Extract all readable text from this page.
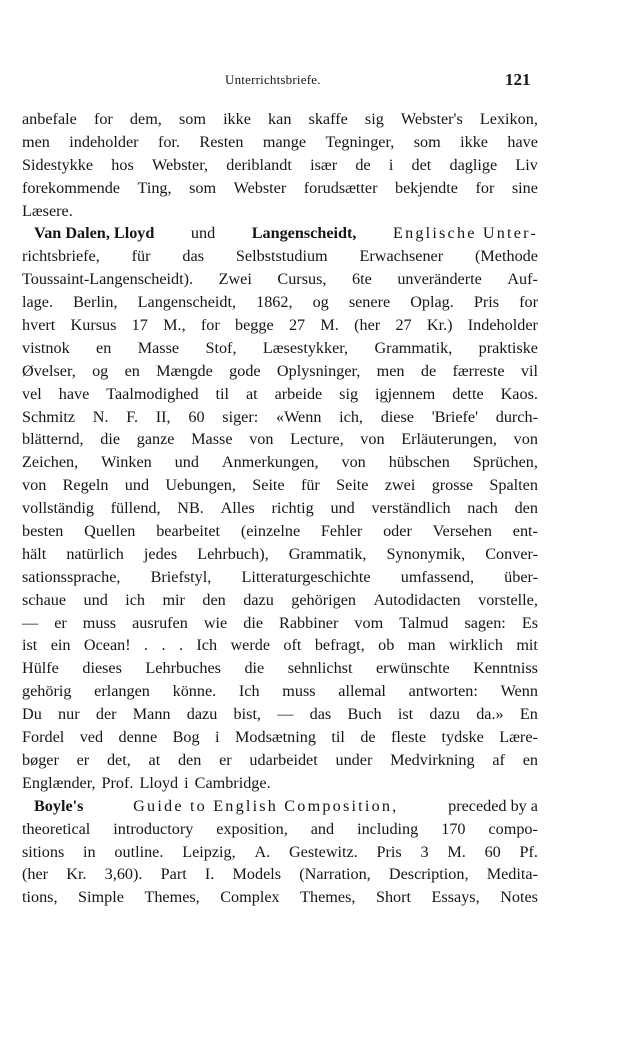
Unterrichtsbriefe.	121
anbefale for dem, som ikke kan skaffe sig Webster's Lexikon,
men indeholder for. Resten mange Tegninger, som ikke have
Sidestykke hos Webster, deriblandt især de i det daglige Liv
forekommende Ting, som Webster forudsætter bekjendte for sine
Læsere.
Van Dalen, Lloyd und Langenscheidt, Englische Unter-
richtsbriefe, für das Selbststudium Erwachsener (Methode
Toussaint-Langenscheidt). Zwei Cursus, 6te unveränderte Auf-
lage. Berlin, Langenscheidt, 1862, og senere Oplag. Pris for
hvert Kursus 17 M., for begge 27 M. (her 27 Kr.) Indeholder
vistnok en Masse Stof, Læsestykker, Grammatik, praktiske
Øvelser, og en Mængde gode Oplysninger, men de færreste vil
vel have Taalmodighed til at arbeide sig igjennem dette Kaos.
Schmitz N. F. II, 60 siger: «Wenn ich, diese 'Briefe' durch-
blätternd, die ganze Masse von Lecture, von Erläuterungen, von
Zeichen, Winken und Anmerkungen, von hübschen Sprüchen,
von Regeln und Uebungen, Seite für Seite zwei grosse Spalten
vollständig füllend, NB. Alles richtig und verständlich nach den
besten Quellen bearbeitet (einzelne Fehler oder Versehen ent-
hält natürlich jedes Lehrbuch), Grammatik, Synonymik, Conver-
sationssprache, Briefstyl, Litteraturgeschichte umfassend, über-
schaue und ich mir den dazu gehörigen Autodidacten vorstelle,
— er muss ausrufen wie die Rabbiner vom Talmud sagen: Es
ist ein Ocean! . . . Ich werde oft befragt, ob man wirklich mit
Hülfe dieses Lehrbuches die sehnlichst erwünschte Kenntniss
gehörig erlangen könne. Ich muss allemal antworten: Wenn
Du nur der Mann dazu bist, — das Buch ist dazu da.» En
Fordel ved denne Bog i Modsætning til de fleste tydske Lære-
bøger er det, at den er udarbeidet under Medvirkning af en
Englænder, Prof. Lloyd i Cambridge.
Boyle's	Guide to English Composition,	preceded by a
theoretical introductory exposition, and including 170 compo-
sitions in outline. Leipzig, A. Gestewitz. Pris 3 M. 60 Pf.
(her Kr. 3,60). Part I. Models (Narration, Description, Medita-
tions, Simple Themes, Complex Themes, Short Essays, Notes
